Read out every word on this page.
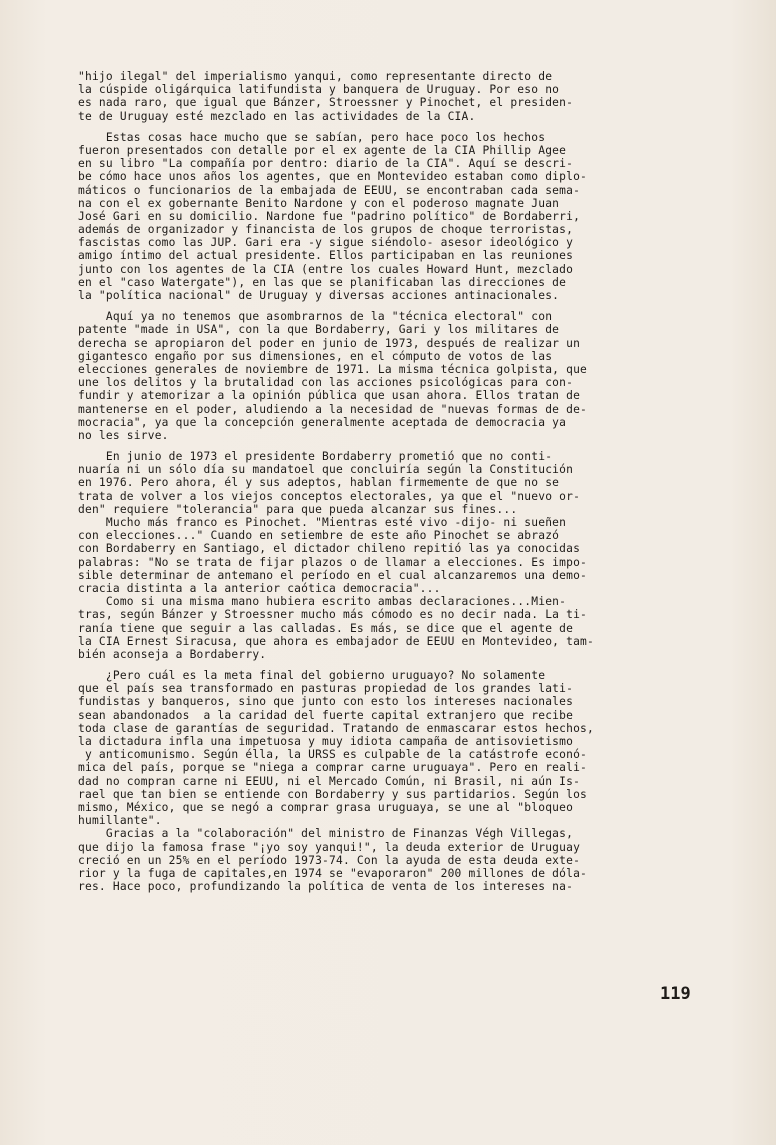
"hijo ilegal" del imperialismo yanqui, como representante directo de
la cúspide oligárquica latifundista y banquera de Uruguay. Por eso no
es nada raro, que igual que Bánzer, Stroessner y Pinochet, el presiden-
te de Uruguay esté mezclado en las actividades de la CIA.
Estas cosas hace mucho que se sabían, pero hace poco los hechos
fueron presentados con detalle por el ex agente de la CIA Phillip Agee
en su libro "La compañía por dentro: diario de la CIA". Aquí se descri-
be cómo hace unos años los agentes, que en Montevideo estaban como diplo-
máticos o funcionarios de la embajada de EEUU, se encontraban cada sema-
na con el ex gobernante Benito Nardone y con el poderoso magnate Juan
José Gari en su domicilio. Nardone fue "padrino político" de Bordaberri,
además de organizador y financista de los grupos de choque terroristas,
fascistas como las JUP. Gari era -y sigue siéndolo- asesor ideológico y
amigo íntimo del actual presidente. Ellos participaban en las reuniones
junto con los agentes de la CIA (entre los cuales Howard Hunt, mezclado
en el "caso Watergate"), en las que se planificaban las direcciones de
la "política nacional" de Uruguay y diversas acciones antinacionales.
Aquí ya no tenemos que asombrarnos de la "técnica electoral" con
patente "made in USA", con la que Bordaberry, Gari y los militares de
derecha se apropiaron del poder en junio de 1973, después de realizar un
gigantesco engaño por sus dimensiones, en el cómputo de votos de las
elecciones generales de noviembre de 1971. La misma técnica golpista, que
une los delitos y la brutalidad con las acciones psicológicas para con-
fundir y atemorizar a la opinión pública que usan ahora. Ellos tratan de
mantenerse en el poder, aludiendo a la necesidad de "nuevas formas de de-
mocracia", ya que la concepción generalmente aceptada de democracia ya
no les sirve.
En junio de 1973 el presidente Bordaberry prometió que no conti-
nuaría ni un sólo día su mandatoel que concluiría según la Constitución
en 1976. Pero ahora, él y sus adeptos, hablan firmemente de que no se
trata de volver a los viejos conceptos electorales, ya que el "nuevo or-
den" requiere "tolerancia" para que pueda alcanzar sus fines...
Mucho más franco es Pinochet. "Mientras esté vivo -dijo- ni sueñen
con elecciones..." Cuando en setiembre de este año Pinochet se abrazó
con Bordaberry en Santiago, el dictador chileno repitió las ya conocidas
palabras: "No se trata de fijar plazos o de llamar a elecciones. Es impo-
sible determinar de antemano el período en el cual alcanzaremos una demo-
cracia distinta a la anterior caótica democracia"...
Como si una misma mano hubiera escrito ambas declaraciones...Mien-
tras, según Bánzer y Stroessner mucho más cómodo es no decir nada. La ti-
ranía tiene que seguir a las calladas. Es más, se dice que el agente de
la CIA Ernest Siracusa, que ahora es embajador de EEUU en Montevideo, tam-
bién aconseja a Bordaberry.
¿Pero cuál es la meta final del gobierno uruguayo? No solamente
que el país sea transformado en pasturas propiedad de los grandes lati-
fundistas y banqueros, sino que junto con esto los intereses nacionales
sean abandonados  a la caridad del fuerte capital extranjero que recibe
toda clase de garantías de seguridad. Tratando de enmascarar estos hechos,
la dictadura infla una impetuosa y muy idiota campaña de antisovietismo
y anticomunismo. Según élla, la URSS es culpable de la catástrofe econó-
mica del país, porque se "niega a comprar carne uruguaya". Pero en reali-
dad no compran carne ni EEUU, ni el Mercado Común, ni Brasil, ni aún Is-
rael que tan bien se entiende con Bordaberry y sus partidarios. Según los
mismo, México, que se negó a comprar grasa uruguaya, se une al "bloqueo
humillante".
Gracias a la "colaboración" del ministro de Finanzas Végh Villegas,
que dijo la famosa frase "¡yo soy yanqui!", la deuda exterior de Uruguay
creció en un 25% en el período 1973-74. Con la ayuda de esta deuda exte-
rior y la fuga de capitales,en 1974 se "evaporaron" 200 millones de dóla-
res. Hace poco, profundizando la política de venta de los intereses na-
119
